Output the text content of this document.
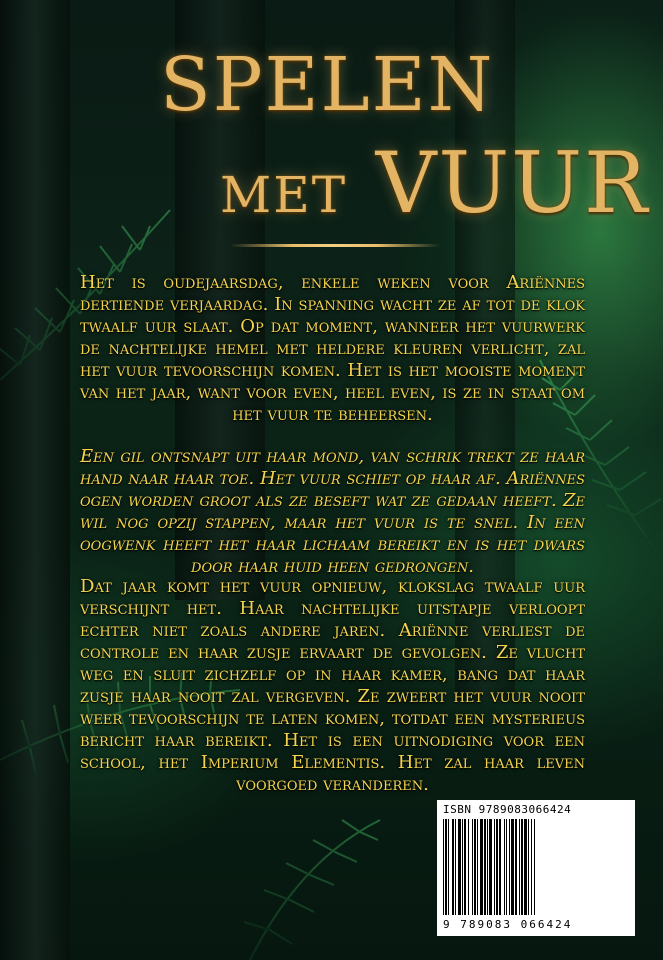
SPELEN
MET VUUR

Het is oudejaarsdag, enkele weken voor Ariënnes dertiende verjaardag. In spanning wacht ze af tot de klok twaalf uur slaat. Op dat moment, wanneer het vuurwerk de nachtelijke hemel met heldere kleuren verlicht, zal het vuur tevoorschijn komen. Het is het mooiste moment van het jaar, want voor even, heel even, is ze in staat om het vuur te beheersen.

Een gil ontsnapt uit haar mond, van schrik trekt ze haar hand naar haar toe. Het vuur schiet op haar af. Ariënnes ogen worden groot als ze beseft wat ze gedaan heeft. Ze wil nog opzij stappen, maar het vuur is te snel. In een oogwenk heeft het haar lichaam bereikt en is het dwars door haar huid heen gedrongen.

Dat jaar komt het vuur opnieuw, klokslag twaalf uur verschijnt het. Haar nachtelijke uitstapje verloopt echter niet zoals andere jaren. Ariënne verliest de controle en haar zusje ervaart de gevolgen. Ze vlucht weg en sluit zichzelf op in haar kamer, bang dat haar zusje haar nooit zal vergeven. Ze zweert het vuur nooit weer tevoorschijn te laten komen, totdat een mysterieus bericht haar bereikt. Het is een uitnodiging voor een school, het Imperium Elementis. Het zal haar leven voorgoed veranderen.

ISBN 9789083066424

9 789083 066424
